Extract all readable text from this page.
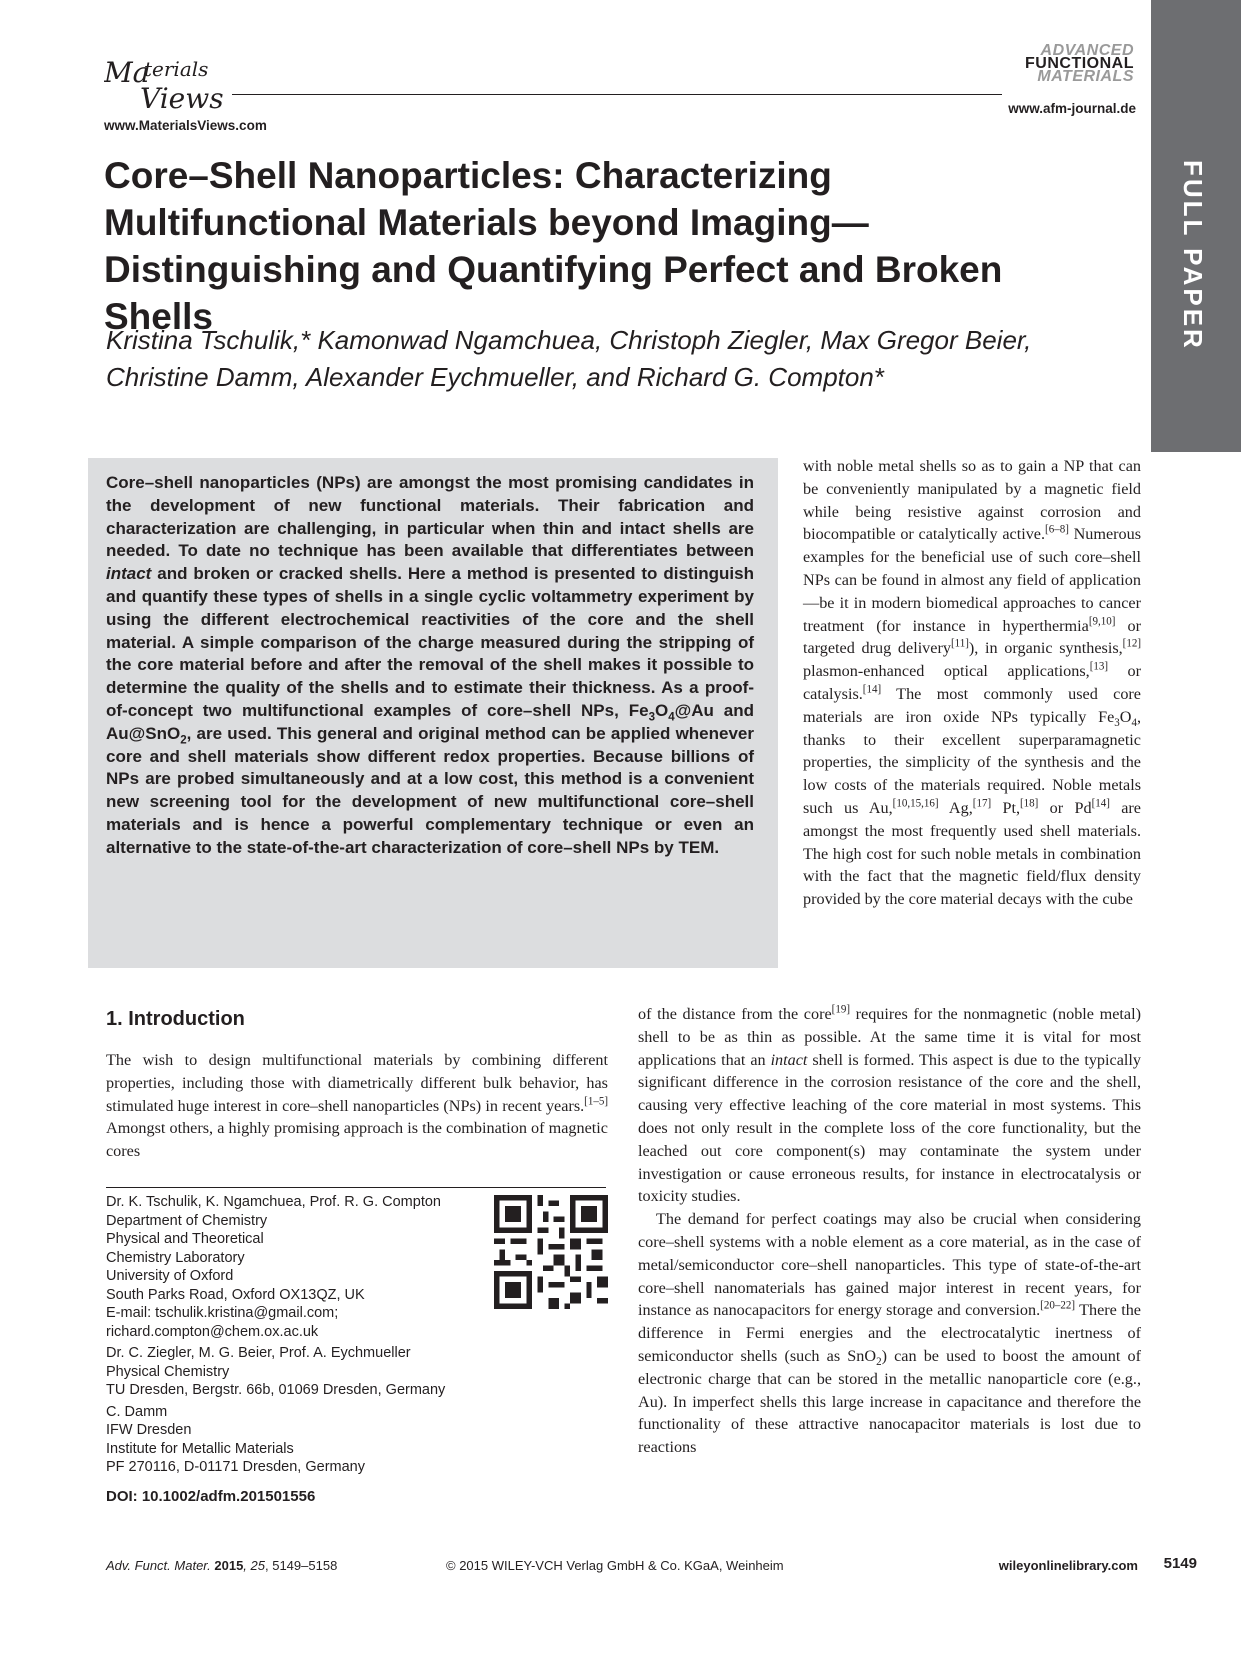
Ma
terials
Views
www.MaterialsViews.com
ADVANCED
FUNCTIONAL
MATERIALS
www.afm-journal.de
FULL PAPER
Core–Shell Nanoparticles: Characterizing Multifunctional Materials beyond Imaging—Distinguishing and Quantifying Perfect and Broken Shells
Kristina Tschulik,* Kamonwad Ngamchuea, Christoph Ziegler, Max Gregor Beier,
Christine Damm, Alexander Eychmueller, and Richard G. Compton*
Core–shell nanoparticles (NPs) are amongst the most promising candidates in the development of new functional materials. Their fabrication and characterization are challenging, in particular when thin and intact shells are needed. To date no technique has been available that differentiates between intact and broken or cracked shells. Here a method is presented to distinguish and quantify these types of shells in a single cyclic voltammetry experiment by using the different electrochemical reactivities of the core and the shell material. A simple comparison of the charge measured during the stripping of the core material before and after the removal of the shell makes it possible to determine the quality of the shells and to estimate their thickness. As a proof-of-concept two multifunctional examples of core–shell NPs, $Fe_3O_4@Au$ and Au@SnO$_2$, are used. This general and original method can be applied whenever core and shell materials show different redox properties. Because billions of NPs are probed simultaneously and at a low cost, this method is a convenient new screening tool for the development of new multifunctional core–shell materials and is hence a powerful complementary technique or even an alternative to the state-of-the-art characterization of core–shell NPs by TEM.

with noble metal shells so as to gain a NP that can be conveniently manipulated by a magnetic field while being resistive against corrosion and biocompatible or catalytically active.[6–8] Numerous examples for the beneficial use of such core–shell NPs can be found in almost any field of application—be it in modern biomedical approaches to cancer treatment (for instance in hyperthermia[9,10] or targeted drug delivery[11]), in organic synthesis,[12] plasmon-enhanced optical applications,[13] or catalysis.[14] The most commonly used core materials are iron oxide NPs typically $Fe_3O_4$, thanks to their excellent superparamagnetic properties, the simplicity of the synthesis and the low costs of the materials required. Noble metals such us Au,[10,15,16] Ag,[17] Pt,[18] or Pd[14] are amongst the most frequently used shell materials. The high cost for such noble metals in combination with the fact that the magnetic field/flux density provided by the core material decays with the cube

1. Introduction

The wish to design multifunctional materials by combining different properties, including those with diametrically different bulk behavior, has stimulated huge interest in core–shell nanoparticles (NPs) in recent years.[1–5] Amongst others, a highly promising approach is the combination of magnetic cores

of the distance from the core[19] requires for the nonmagnetic (noble metal) shell to be as thin as possible. At the same time it is vital for most applications that an intact shell is formed. This aspect is due to the typically significant difference in the corrosion resistance of the core and the shell, causing very effective leaching of the core material in most systems. This does not only result in the complete loss of the core functionality, but the leached out core component(s) may contaminate the system under investigation or cause erroneous results, for instance in electrocatalysis or toxicity studies.

The demand for perfect coatings may also be crucial when considering core–shell systems with a noble element as a core material, as in the case of metal/semiconductor core–shell nanoparticles. This type of state-of-the-art core–shell nanomaterials has gained major interest in recent years, for instance as nanocapacitors for energy storage and conversion.[20–22] There the difference in Fermi energies and the electrocatalytic inertness of semiconductor shells (such as SnO$_2$) can be used to boost the amount of electronic charge that can be stored in the metallic nanoparticle core (e.g., Au). In imperfect shells this large increase in capacitance and therefore the functionality of these attractive nanocapacitor materials is lost due to reactions

Dr. K. Tschulik, K. Ngamchuea, Prof. R. G. Compton
Department of Chemistry
Physical and Theoretical
Chemistry Laboratory
University of Oxford
South Parks Road, Oxford OX13QZ, UK
E-mail: tschulik.kristina@gmail.com;
richard.compton@chem.ox.ac.uk

Dr. C. Ziegler, M. G. Beier, Prof. A. Eychmueller
Physical Chemistry
TU Dresden, Bergstr. 66b, 01069 Dresden, Germany

C. Damm
IFW Dresden
Institute for Metallic Materials
PF 270116, D-01171 Dresden, Germany

DOI: 10.1002/adfm.201501556
Adv. Funct. Mater. 2015, 25, 5149–5158	© 2015 WILEY-VCH Verlag GmbH & Co. KGaA, Weinheim	wileyonlinelibrary.com 5149
